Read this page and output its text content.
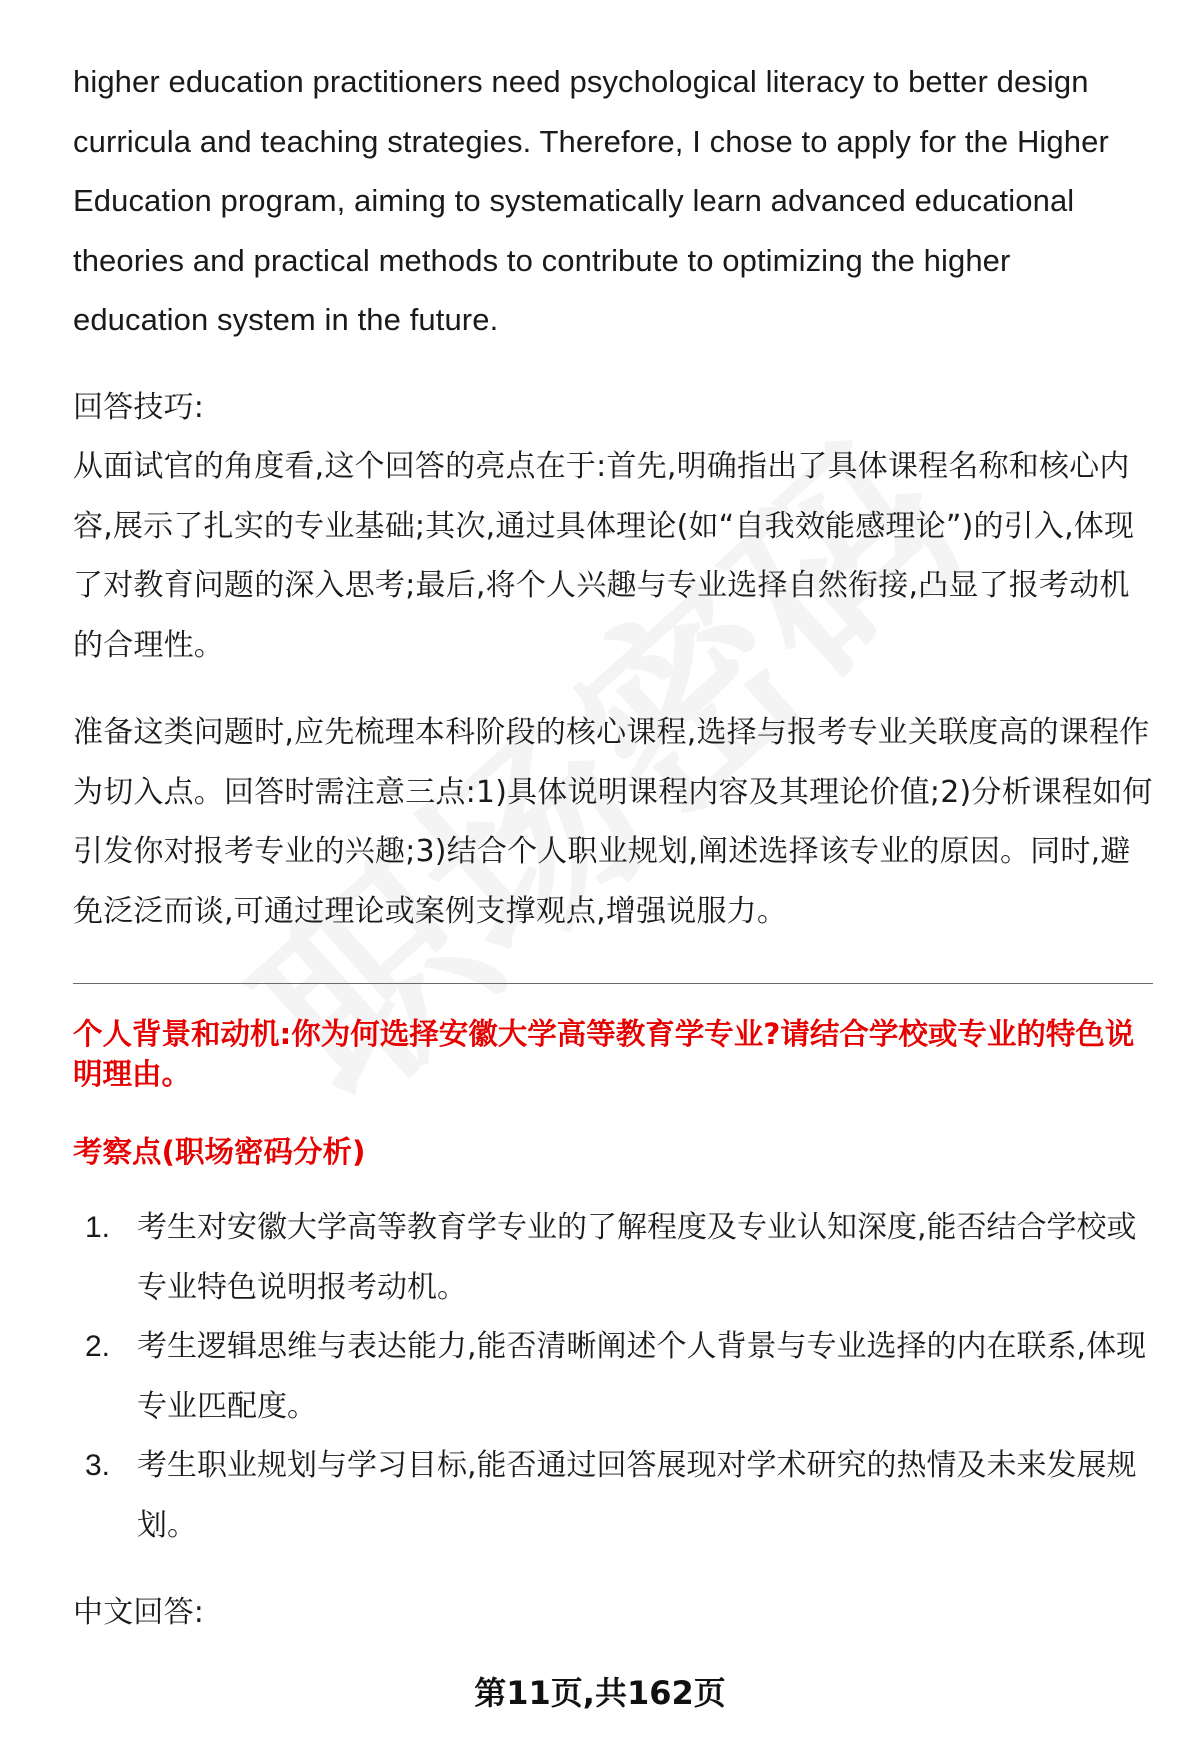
higher education practitioners need psychological literacy to better design curricula and teaching strategies. Therefore, I chose to apply for the Higher Education program, aiming to systematically learn advanced educational theories and practical methods to contribute to optimizing the higher education system in the future.

回答技巧:

从面试官的角度看,这个回答的亮点在于:首先,明确指出了具体课程名称和核心内容,展示了扎实的专业基础;其次,通过具体理论(如“自我效能感理论”)的引入,体现了对教育问题的深入思考;最后,将个人兴趣与专业选择自然衔接,凸显了报考动机的合理性。

准备这类问题时,应先梳理本科阶段的核心课程,选择与报考专业关联度高的课程作为切入点。回答时需注意三点:1)具体说明课程内容及其理论价值;2)分析课程如何引发你对报考专业的兴趣;3)结合个人职业规划,阐述选择该专业的原因。同时,避免泛泛而谈,可通过理论或案例支撑观点,增强说服力。

个人背景和动机:你为何选择安徽大学高等教育学专业?请结合学校或专业的特色说明理由。

考察点(职场密码分析)

1. 考生对安徽大学高等教育学专业的了解程度及专业认知深度,能否结合学校或专业特色说明报考动机。
2. 考生逻辑思维与表达能力,能否清晰阐述个人背景与专业选择的内在联系,体现专业匹配度。
3. 考生职业规划与学习目标,能否通过回答展现对学术研究的热情及未来发展规划。

中文回答:

第11页,共162页
